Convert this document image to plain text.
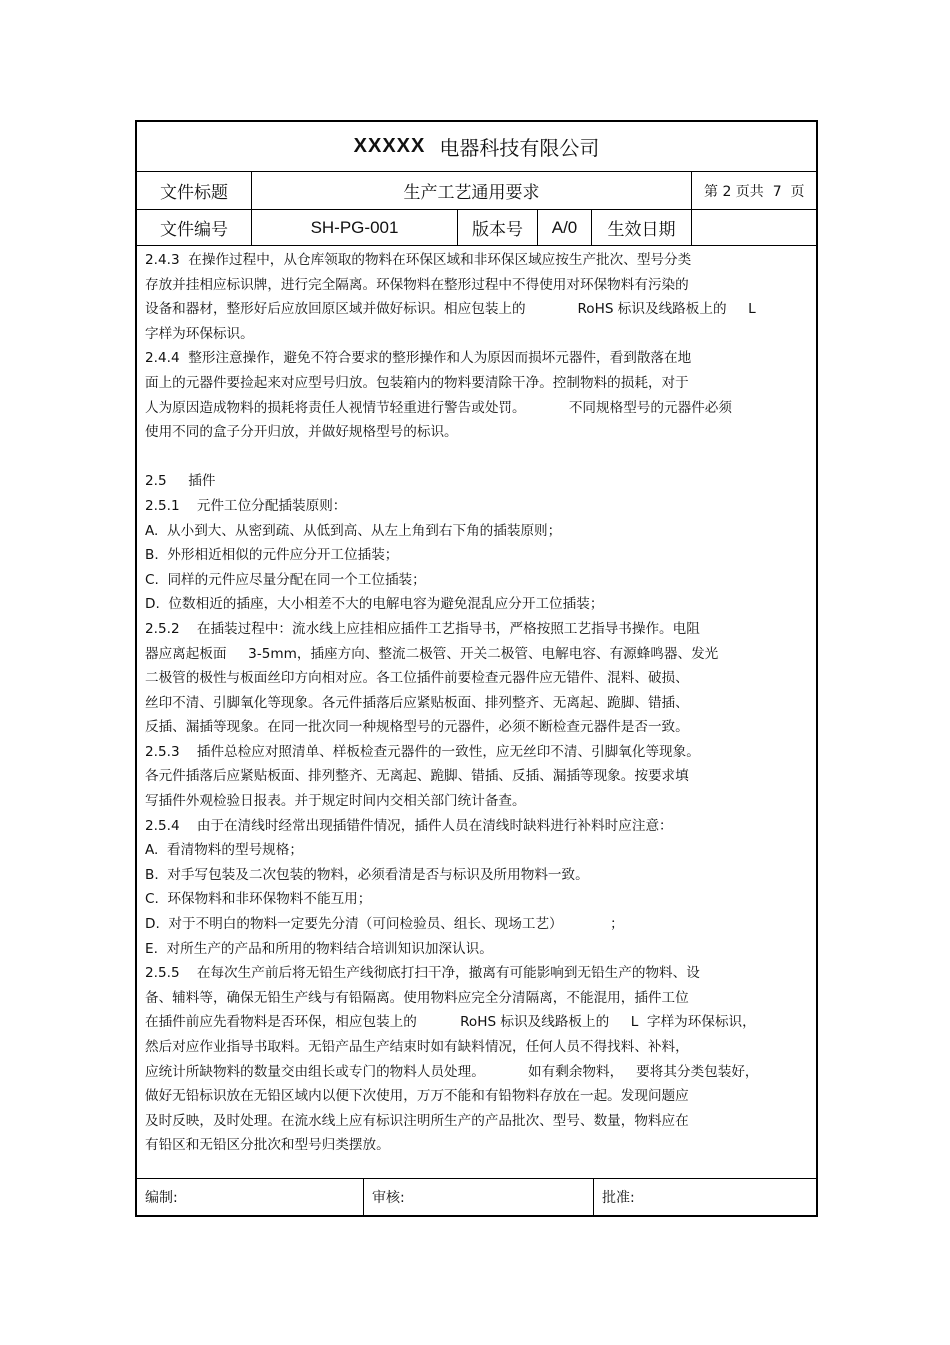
XXXXX 电器科技有限公司
文件标题	生产工艺通用要求	第 2 页共  7  页
文件编号	SH-PG-001	版本号	A/0	生效日期

2.4.3  在操作过程中，从仓库领取的物料在环保区域和非环保区域应按生产批次、型号分类

存放并挂相应标识牌，进行完全隔离。环保物料在整形过程中不得使用对环保物料有污染的

设备和器材，整形好后应放回原区域并做好标识。相应包装上的            RoHS 标识及线路板上的     L

字样为环保标识。

2.4.4  整形注意操作，避免不符合要求的整形操作和人为原因而损坏元器件，看到散落在地

面上的元器件要捡起来对应型号归放。包装箱内的物料要清除干净。控制物料的损耗，对于

人为原因造成物料的损耗将责任人视情节轻重进行警告或处罚。          不同规格型号的元器件必须

使用不同的盒子分开归放，并做好规格型号的标识。

2.5     插件

2.5.1    元件工位分配插装原则：

A.  从小到大、从密到疏、从低到高、从左上角到右下角的插装原则；

B.  外形相近相似的元件应分开工位插装；

C.  同样的元件应尽量分配在同一个工位插装；

D.  位数相近的插座，大小相差不大的电解电容为避免混乱应分开工位插装；

2.5.2    在插装过程中：流水线上应挂相应插件工艺指导书，严格按照工艺指导书操作。电阻

器应离起板面     3-5mm，插座方向、整流二极管、开关二极管、电解电容、有源蜂鸣器、发光

二极管的极性与板面丝印方向相对应。各工位插件前要检查元器件应无错件、混料、破损、

丝印不清、引脚氧化等现象。各元件插落后应紧贴板面、排列整齐、无离起、跪脚、错插、

反插、漏插等现象。在同一批次同一种规格型号的元器件，必须不断检查元器件是否一致。

2.5.3    插件总检应对照清单、样板检查元器件的一致性，应无丝印不清、引脚氧化等现象。

各元件插落后应紧贴板面、排列整齐、无离起、跪脚、错插、反插、漏插等现象。按要求填

写插件外观检验日报表。并于规定时间内交相关部门统计备查。

2.5.4    由于在清线时经常出现插错件情况，插件人员在清线时缺料进行补料时应注意：

A.  看清物料的型号规格；

B.  对手写包装及二次包装的物料，必须看清是否与标识及所用物料一致。

C.  环保物料和非环保物料不能互用；

D.  对于不明白的物料一定要先分清（可问检验员、组长、现场工艺）           ；

E.  对所生产的产品和所用的物料结合培训知识加深认识。

2.5.5    在每次生产前后将无铅生产线彻底打扫干净，撤离有可能影响到无铅生产的物料、设

备、辅料等，确保无铅生产线与有铅隔离。使用物料应完全分清隔离，不能混用，插件工位

在插件前应先看物料是否环保，相应包装上的          RoHS 标识及线路板上的     L  字样为环保标识，

然后对应作业指导书取料。无铅产品生产结束时如有缺料情况，任何人员不得找料、补料，

应统计所缺物料的数量交由组长或专门的物料人员处理。          如有剩余物料，   要将其分类包装好，

做好无铅标识放在无铅区域内以便下次使用，万万不能和有铅物料存放在一起。发现问题应

及时反映，及时处理。在流水线上应有标识注明所生产的产品批次、型号、数量，物料应在

有铅区和无铅区分批次和型号归类摆放。

编制:	审核:	批准:
